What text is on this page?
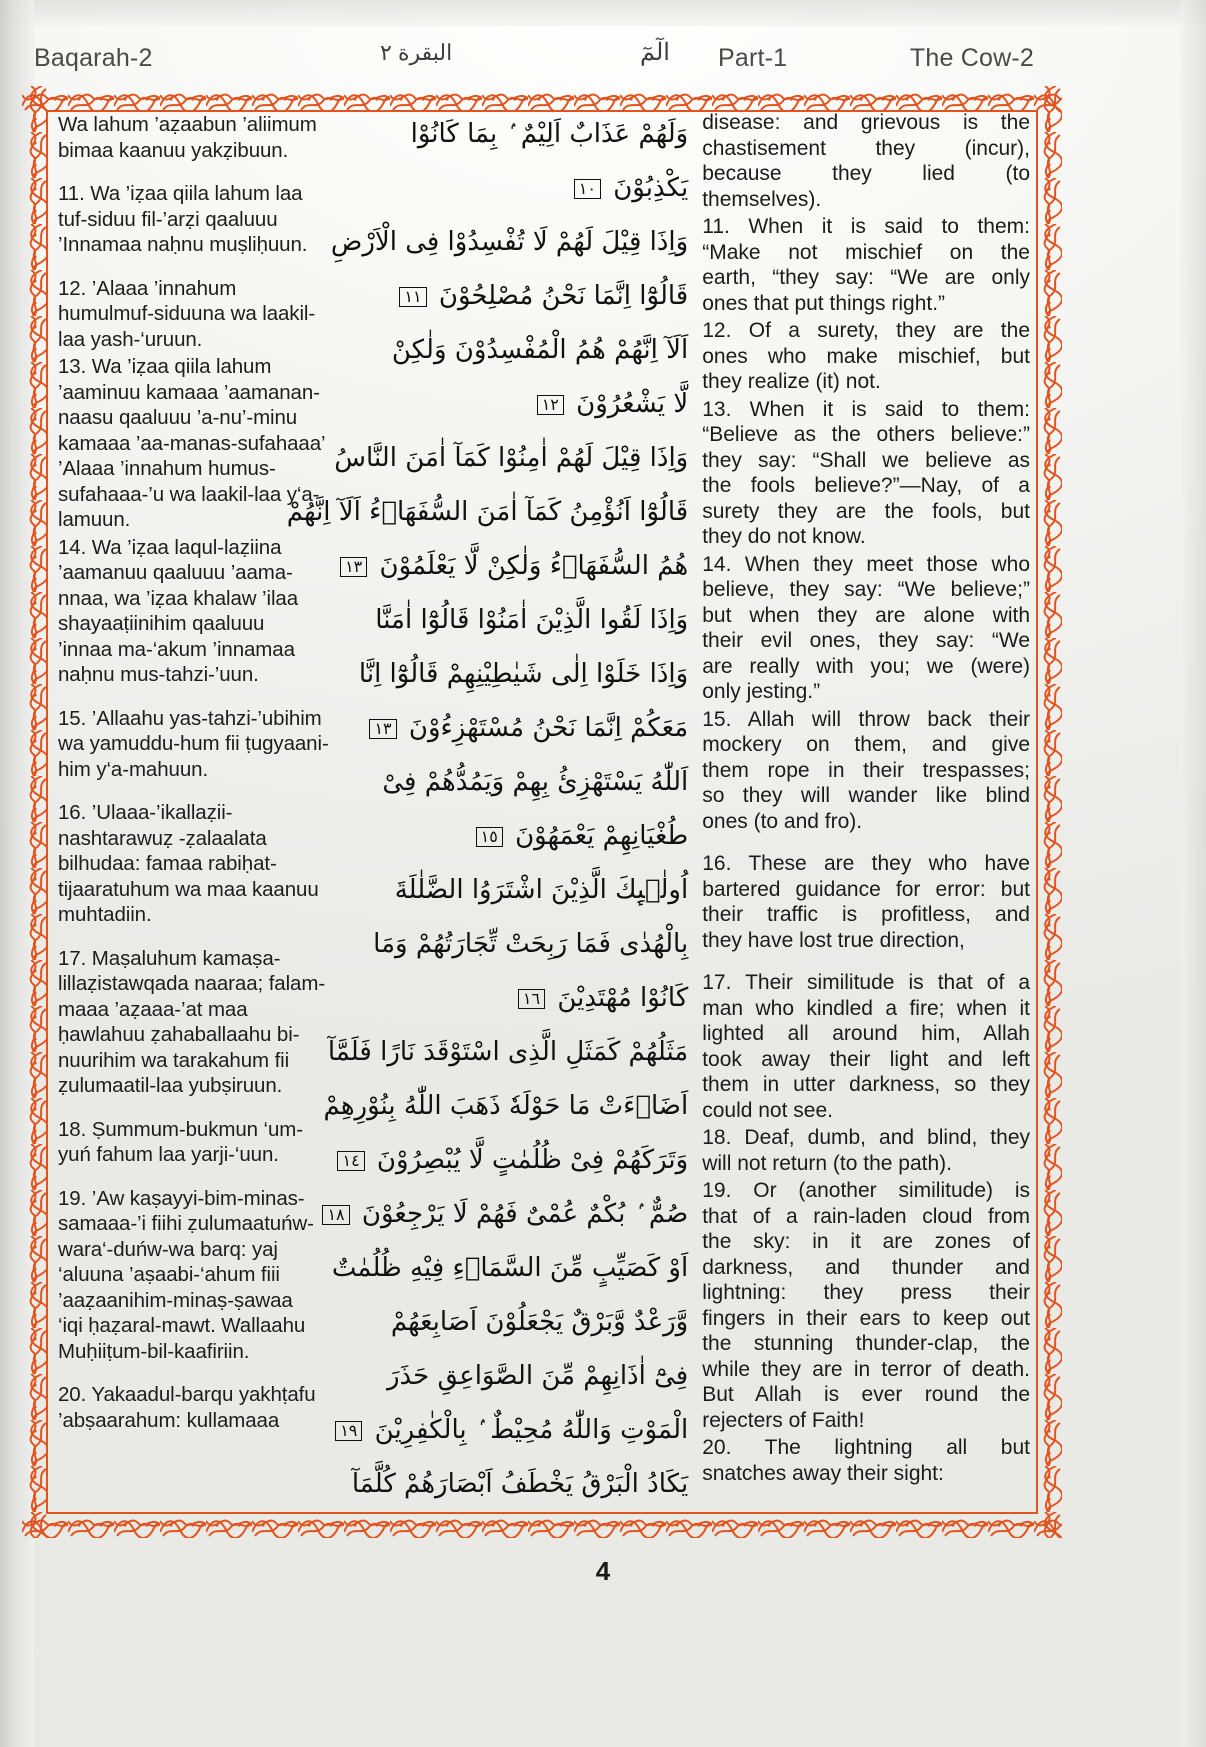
Baqarah-2	البقرة ٢	الٓمٓ Part-1	The Cow-2
Wa lahum ’aẓaabun ’aliimum
bimaa kaanuu yakẓibuun.
11. Wa ’iẓaa qiila lahum laa
tuf-siduu fil-’arẓi qaaluuu
’Innamaa naḥnu muṣliḥuun.
12. ’Alaaa ’innahum
humulmuf-siduuna wa laakil-
laa yash-‘uruun.
13. Wa ’iẓaa qiila lahum
’aaminuu kamaaa ’aamanan-
naasu qaaluuu ’a-nu’-minu
kamaaa ’aa-manas-sufahaaa’
’Alaaa ’innahum humus-
sufahaaa-’u wa laakil-laa y‘a-
lamuun.
14. Wa ’iẓaa laqul-laẓiina
’aamanuu qaaluuu ’aama-
nnaa, wa ’iẓaa khalaw ’ilaa
shayaaṭiinihim qaaluuu
’innaa ma-‘akum ’innamaa
naḥnu mus-tahzi-’uun.
15. ’Allaahu yas-tahzi-’ubihim
wa yamuddu-hum fii ṭugyaani-
him y‘a-mahuun.
16. ’Ulaaa-’ikallaẓii-
nashtarawuẓ -ẓalaalata
bilhudaa: famaa rabiḥat-
tijaaratuhum wa maa kaanuu
muhtadiin.
17. Maṣaluhum kamaṣa-
lillaẓistawqada naaraa; falam-
maaa ’aẓaaa-’at maa
ḥawlahuu ẓahaballaahu bi-
nuurihim wa tarakahum fii
ẓulumaatil-laa yubṣiruun.
18. Ṣummum-bukmun ‘um-
yuń fahum laa yarji-‘uun.
19. ’Aw kaṣayyi-bim-minas-
samaaa-’i fiihi ẓulumaatuńw-
wara‘-duńw-wa barq: yaj
‘aluuna ’aṣaabi-‘ahum fiii
’aaẓaanihim-minaṣ-ṣawaa
‘iqi ḥaẓaral-mawt. Wallaahu
Muḥiiṭum-bil-kaafiriin.
20. Yakaadul-barqu yakhṭafu
’abṣaarahum: kullamaaa
وَلَهُمْ عَذَابٌ اَلِيْمٌ ۢ بِمَا كَانُوْا
يَكْذِبُوْنَ ١٠
وَاِذَا قِيْلَ لَهُمْ لَا تُفْسِدُوْا فِى الْاَرْضِ
قَالُوْٓا اِنَّمَا نَحْنُ مُصْلِحُوْنَ ١١
اَلَآ اِنَّهُمْ هُمُ الْمُفْسِدُوْنَ وَلٰكِنْ
لَّا يَشْعُرُوْنَ ١٢
وَاِذَا قِيْلَ لَهُمْ اٰمِنُوْا كَمَآ اٰمَنَ النَّاسُ
قَالُوْٓا اَنُؤْمِنُ كَمَآ اٰمَنَ السُّفَهَاۤءُ اَلَآ اِنَّهُمْ
هُمُ السُّفَهَاۤءُ وَلٰكِنْ لَّا يَعْلَمُوْنَ ١٣
وَاِذَا لَقُوا الَّذِيْنَ اٰمَنُوْا قَالُوْٓا اٰمَنَّا
وَاِذَا خَلَوْا اِلٰى شَيٰطِيْنِهِمْ قَالُوْٓا اِنَّا
مَعَكُمْ اِنَّمَا نَحْنُ مُسْتَهْزِءُوْنَ ١٣
اَللّٰهُ يَسْتَهْزِئُ بِهِمْ وَيَمُدُّهُمْ فِىْ
طُغْيَانِهِمْ يَعْمَهُوْنَ ١٥
اُولٰۤىِٕكَ الَّذِيْنَ اشْتَرَوُا الضَّلٰلَةَ
بِالْهُدٰى فَمَا رَبِحَتْ تِّجَارَتُهُمْ وَمَا
كَانُوْا مُهْتَدِيْنَ ١٦
مَثَلُهُمْ كَمَثَلِ الَّذِى اسْتَوْقَدَ نَارًا فَلَمَّآ
اَضَاۤءَتْ مَا حَوْلَهٗ ذَهَبَ اللّٰهُ بِنُوْرِهِمْ
وَتَرَكَهُمْ فِىْ ظُلُمٰتٍ لَّا يُبْصِرُوْنَ ١٤
صُمٌّ ۢ بُكْمٌ عُمْىٌ فَهُمْ لَا يَرْجِعُوْنَ ١٨
اَوْ كَصَيِّبٍ مِّنَ السَّمَاۤءِ فِيْهِ ظُلُمٰتٌ
وَّرَعْدٌ وَّبَرْقٌ يَجْعَلُوْنَ اَصَابِعَهُمْ
فِىْٓ اٰذَانِهِمْ مِّنَ الصَّوَاعِقِ حَذَرَ
الْمَوْتِ وَاللّٰهُ مُحِيْطٌ ۢ بِالْكٰفِرِيْنَ ١٩
يَكَادُ الْبَرْقُ يَخْطَفُ اَبْصَارَهُمْ كُلَّمَآ
disease: and grievous is the
chastisement they (incur),
because they lied (to
themselves).
11. When it is said to them:
“Make not mischief on the
earth, “they say: “We are only
ones that put things right.”
12. Of a surety, they are the
ones who make mischief, but
they realize (it) not.
13. When it is said to them:
“Believe as the others believe:”
they say: “Shall we believe as
the fools believe?”—Nay, of a
surety they are the fools, but
they do not know.
14. When they meet those who
believe, they say: “We believe;”
but when they are alone with
their evil ones, they say: “We
are really with you; we (were)
only jesting.”
15. Allah will throw back their
mockery on them, and give
them rope in their trespasses;
so they will wander like blind
ones (to and fro).
16. These are they who have
bartered guidance for error: but
their traffic is profitless, and
they have lost true direction,
17. Their similitude is that of a
man who kindled a fire; when it
lighted all around him, Allah
took away their light and left
them in utter darkness, so they
could not see.
18. Deaf, dumb, and blind, they
will not return (to the path).
19. Or (another similitude) is
that of a rain-laden cloud from
the sky: in it are zones of
darkness, and thunder and
lightning: they press their
fingers in their ears to keep out
the stunning thunder-clap, the
while they are in terror of death.
But Allah is ever round the
rejecters of Faith!
20. The lightning all but
snatches away their sight:
4
